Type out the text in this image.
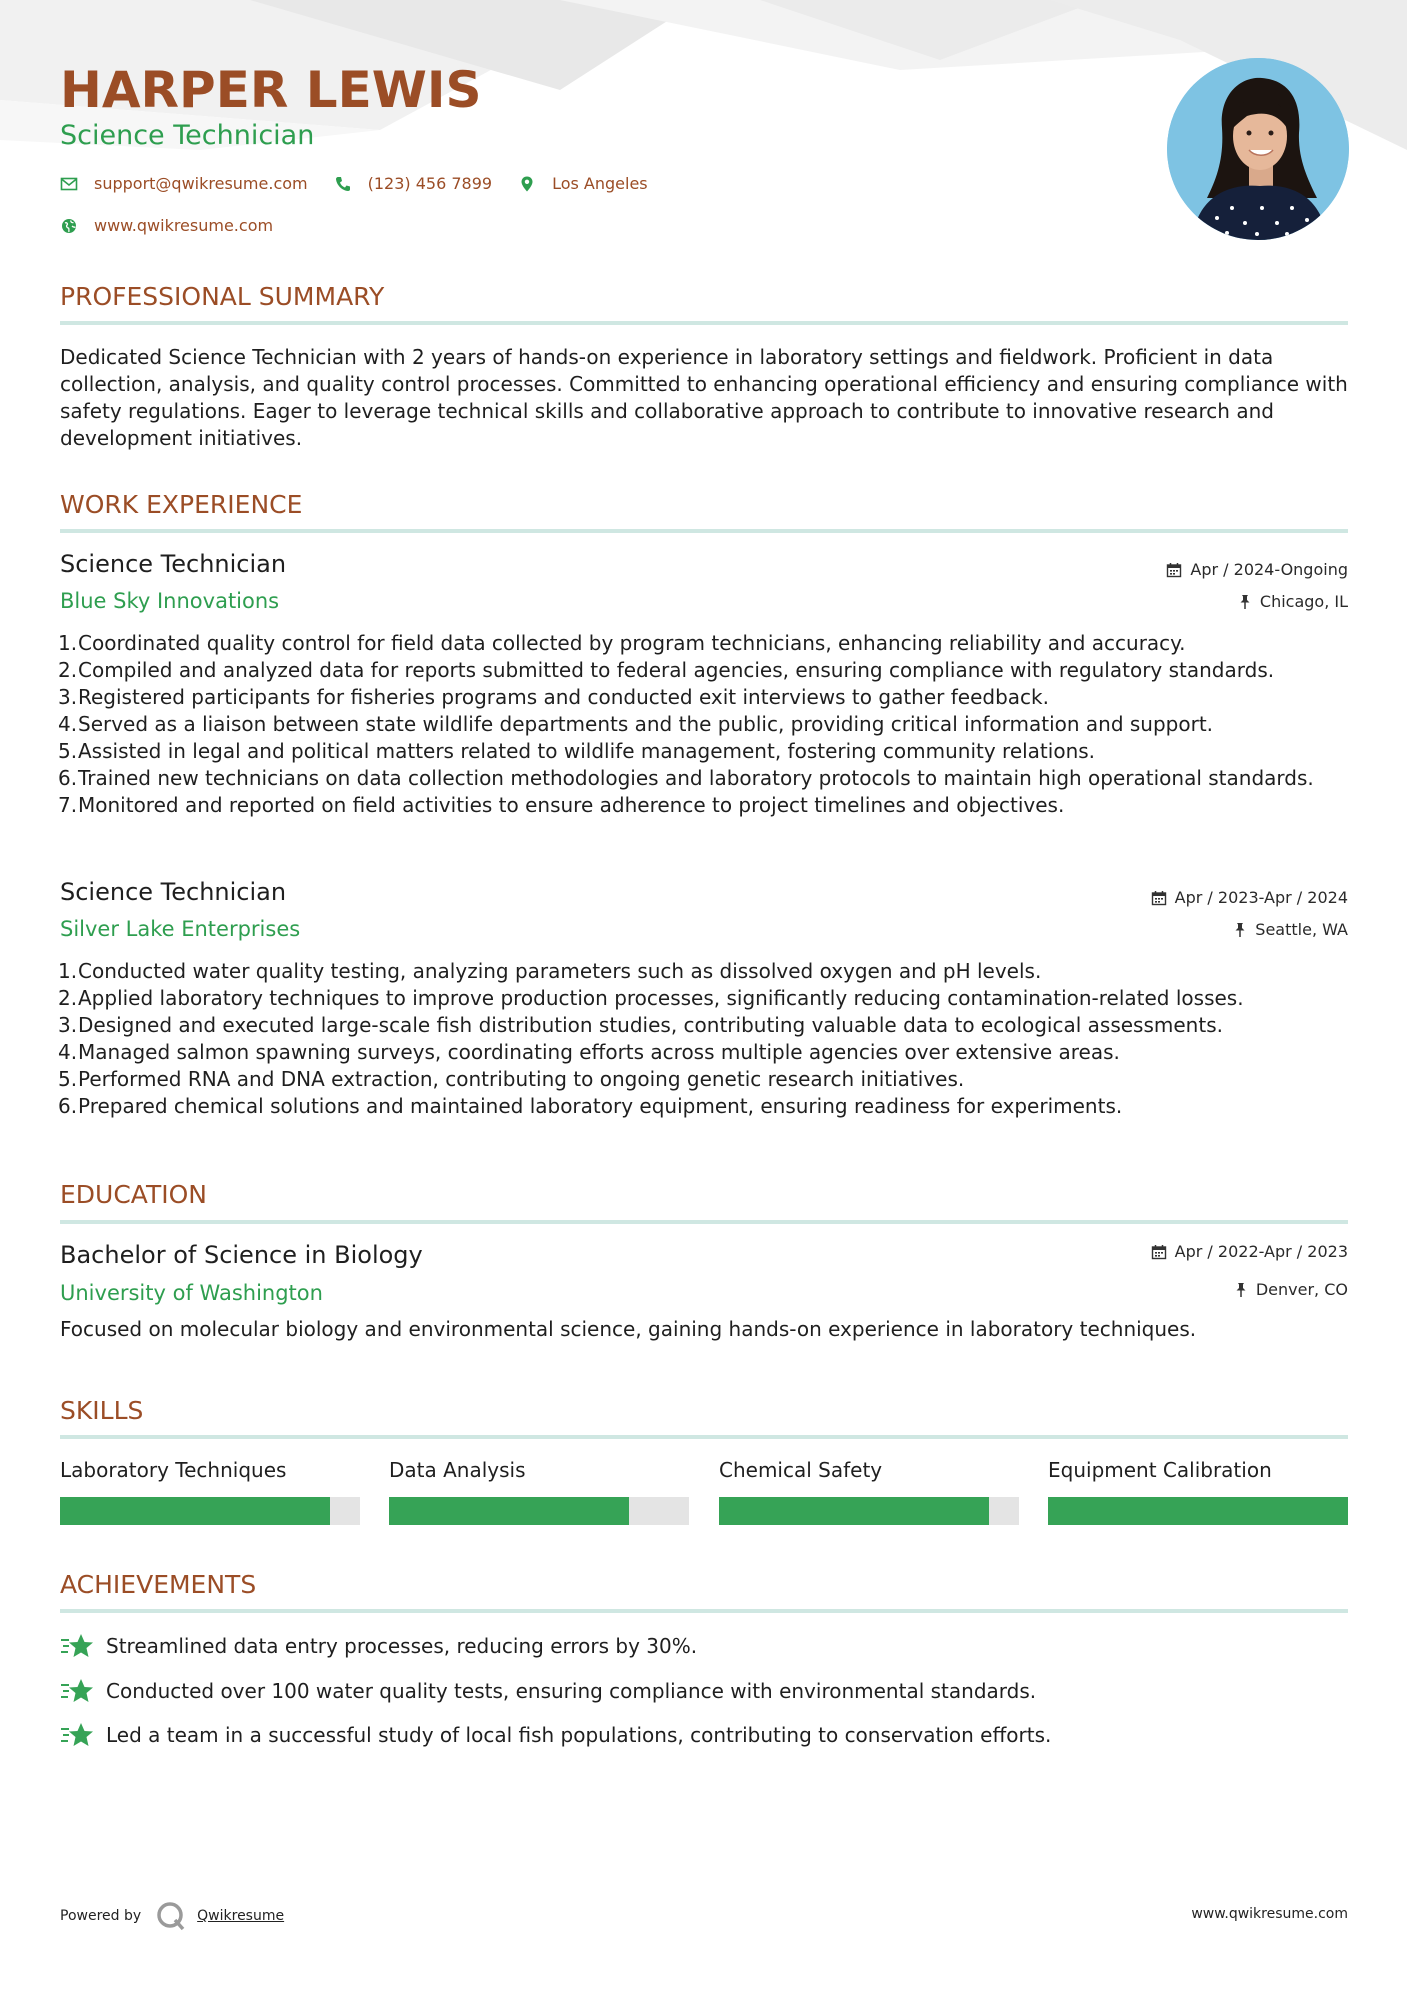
HARPER LEWIS
Science Technician
support@qwikresume.com	(123) 456 7899	Los Angeles
www.qwikresume.com
PROFESSIONAL SUMMARY
Dedicated Science Technician with 2 years of hands-on experience in laboratory settings and fieldwork. Proficient in data collection, analysis, and quality control processes. Committed to enhancing operational efficiency and ensuring compliance with safety regulations. Eager to leverage technical skills and collaborative approach to contribute to innovative research and development initiatives.
WORK EXPERIENCE
Science Technician	Apr / 2024-Ongoing
Blue Sky Innovations	Chicago, IL
1. Coordinated quality control for field data collected by program technicians, enhancing reliability and accuracy.
2. Compiled and analyzed data for reports submitted to federal agencies, ensuring compliance with regulatory standards.
3. Registered participants for fisheries programs and conducted exit interviews to gather feedback.
4. Served as a liaison between state wildlife departments and the public, providing critical information and support.
5. Assisted in legal and political matters related to wildlife management, fostering community relations.
6. Trained new technicians on data collection methodologies and laboratory protocols to maintain high operational standards.
7. Monitored and reported on field activities to ensure adherence to project timelines and objectives.
Science Technician	Apr / 2023-Apr / 2024
Silver Lake Enterprises	Seattle, WA
1. Conducted water quality testing, analyzing parameters such as dissolved oxygen and pH levels.
2. Applied laboratory techniques to improve production processes, significantly reducing contamination-related losses.
3. Designed and executed large-scale fish distribution studies, contributing valuable data to ecological assessments.
4. Managed salmon spawning surveys, coordinating efforts across multiple agencies over extensive areas.
5. Performed RNA and DNA extraction, contributing to ongoing genetic research initiatives.
6. Prepared chemical solutions and maintained laboratory equipment, ensuring readiness for experiments.
EDUCATION
Bachelor of Science in Biology	Apr / 2022-Apr / 2023
University of Washington	Denver, CO
Focused on molecular biology and environmental science, gaining hands-on experience in laboratory techniques.
SKILLS
Laboratory Techniques	Data Analysis	Chemical Safety	Equipment Calibration
ACHIEVEMENTS
Streamlined data entry processes, reducing errors by 30%.
Conducted over 100 water quality tests, ensuring compliance with environmental standards.
Led a team in a successful study of local fish populations, contributing to conservation efforts.
Powered by	Qwikresume	www.qwikresume.com
